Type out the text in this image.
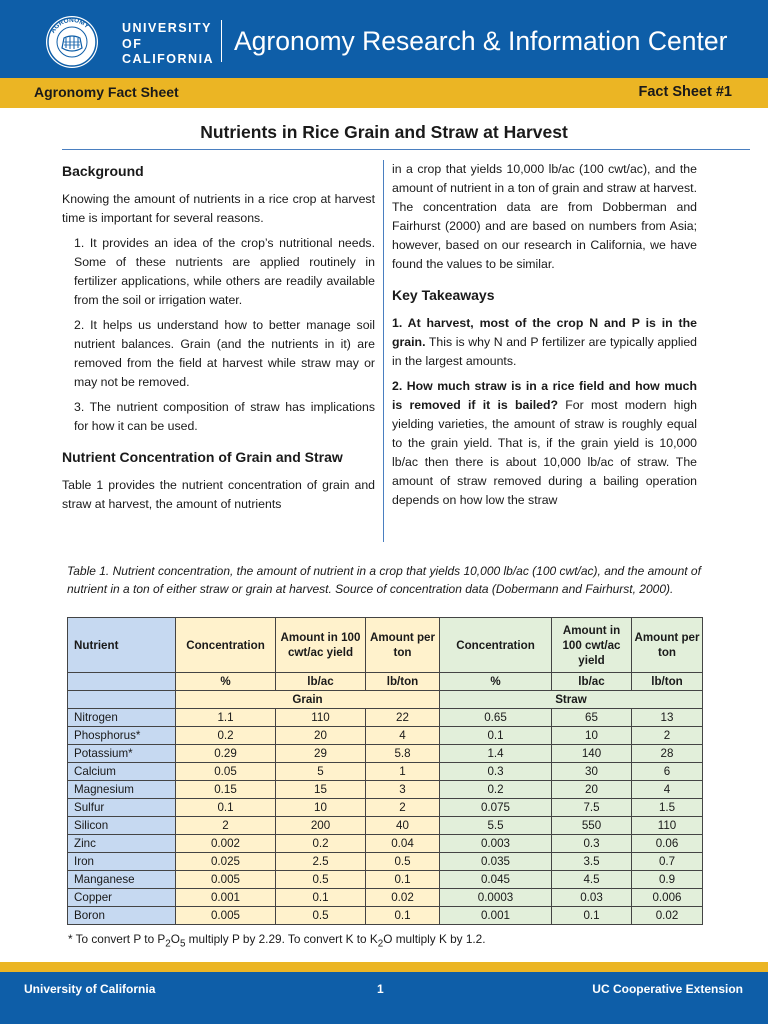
AGRONOMY	UNIVERSITY
OF
CALIFORNIA
Agronomy Research & Information Center
Agronomy Fact Sheet	Fact Sheet #1
Nutrients in Rice Grain and Straw at Harvest
Background

Knowing the amount of nutrients in a rice crop at harvest time is important for several reasons.

1. It provides an idea of the crop’s nutritional needs. Some of these nutrients are applied routinely in fertilizer applications, while others are readily available from the soil or irrigation water.

2. It helps us understand how to better manage soil nutrient balances. Grain (and the nutrients in it) are removed from the field at harvest while straw may or may not be removed.

3. The nutrient composition of straw has implications for how it can be used.

Nutrient Concentration of Grain and Straw

Table 1 provides the nutrient concentration of grain and straw at harvest, the amount of nutrients

in a crop that yields 10,000 lb/ac (100 cwt/ac), and the amount of nutrient in a ton of grain and straw at harvest. The concentration data are from Dobberman and Fairhurst (2000) and are based on numbers from Asia; however, based on our research in California, we have found the values to be similar.

Key Takeaways

1. At harvest, most of the crop N and P is in the grain. This is why N and P fertilizer are typically applied in the largest amounts.

2. How much straw is in a rice field and how much is removed if it is bailed? For most modern high yielding varieties, the amount of straw is roughly equal to the grain yield. That is, if the grain yield is 10,000 lb/ac then there is about 10,000 lb/ac of straw. The amount of straw removed during a bailing operation depends on how low the straw

Table 1. Nutrient concentration, the amount of nutrient in a crop that yields 10,000 lb/ac (100 cwt/ac), and the amount of nutrient in a ton of either straw or grain at harvest. Source of concentration data (Dobermann and Fairhurst, 2000).
Nutrient	Concentration	Amount in 100 cwt/ac yield	Amount per ton	Concentration	Amount in 100 cwt/ac yield	Amount per ton
	%	lb/ac	lb/ton	%	lb/ac	lb/ton
	Grain			Straw		
Nitrogen	1.1	110	22	0.65	65	13
Phosphorus*	0.2	20	4	0.1	10	2
Potassium*	0.29	29	5.8	1.4	140	28
Calcium	0.05	5	1	0.3	30	6
Magnesium	0.15	15	3	0.2	20	4
Sulfur	0.1	10	2	0.075	7.5	1.5
Silicon	2	200	40	5.5	550	110
Zinc	0.002	0.2	0.04	0.003	0.3	0.06
Iron	0.025	2.5	0.5	0.035	3.5	0.7
Manganese	0.005	0.5	0.1	0.045	4.5	0.9
Copper	0.001	0.1	0.02	0.0003	0.03	0.006
Boron	0.005	0.5	0.1	0.001	0.1	0.02
* To convert P to $P_2O_5$ multiply P by 2.29. To convert K to $K_2O$ multiply K by 1.2.
University of California	1	UC Cooperative Extension
